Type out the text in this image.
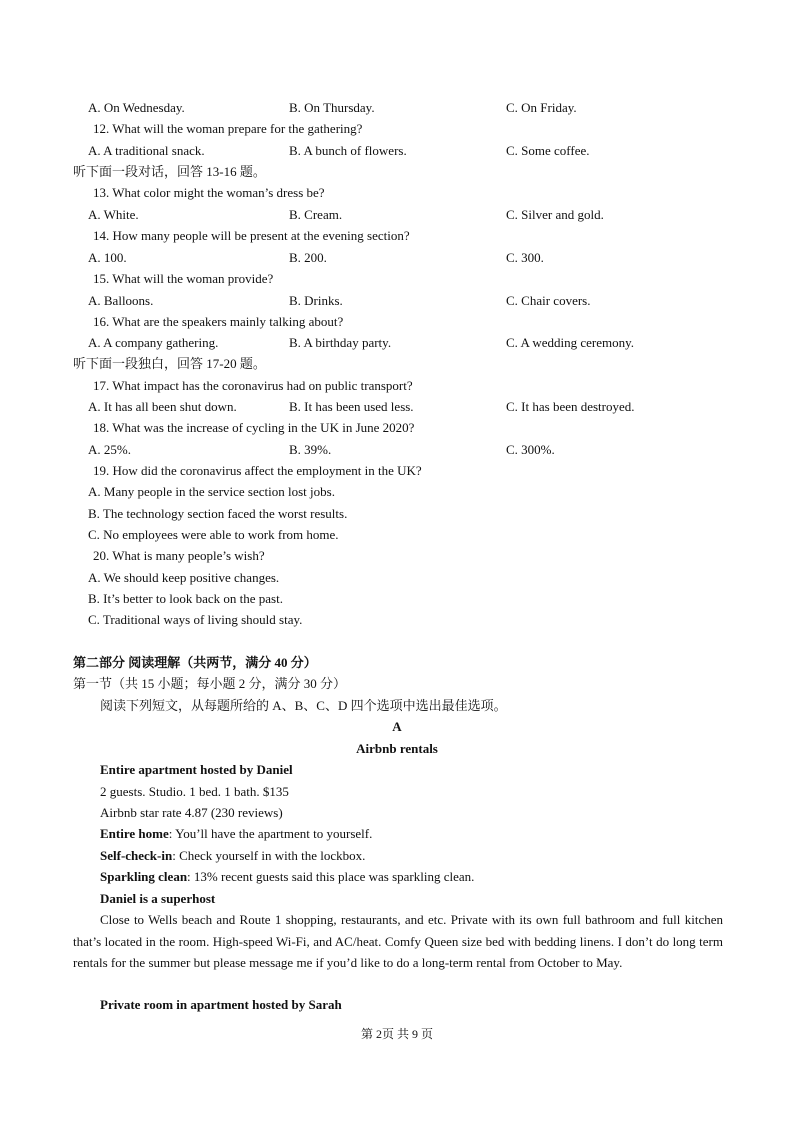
A. On Wednesday.	B. On Thursday.	C. On Friday.
12. What will the woman prepare for the gathering?
A. A traditional snack.	B. A bunch of flowers.	C. Some coffee.
听下面一段对话，回答 13-16 题。
13. What color might the woman’s dress be?
A. White.	B. Cream.	C. Silver and gold.
14. How many people will be present at the evening section?
A. 100.	B. 200.	C. 300.
15. What will the woman provide?
A. Balloons.	B. Drinks.	C. Chair covers.
16. What are the speakers mainly talking about?
A. A company gathering.	B. A birthday party.	C. A wedding ceremony.
听下面一段独白，回答 17-20 题。
17. What impact has the coronavirus had on public transport?
A. It has all been shut down.	B. It has been used less.	C. It has been destroyed.
18. What was the increase of cycling in the UK in June 2020?
A. 25%.	B. 39%.	C. 300%.
19. How did the coronavirus affect the employment in the UK?
A. Many people in the service section lost jobs.
B. The technology section faced the worst results.
C. No employees were able to work from home.
20. What is many people’s wish?
A. We should keep positive changes.
B. It’s better to look back on the past.
C. Traditional ways of living should stay.
第二部分 阅读理解（共两节，满分 40 分）
第一节（共 15 小题；每小题 2 分，满分 30 分）
阅读下列短文，从每题所给的 A、B、C、D 四个选项中选出最佳选项。
A
Airbnb rentals
Entire apartment hosted by Daniel
2 guests. Studio. 1 bed. 1 bath. $135
Airbnb star rate 4.87 (230 reviews)
Entire home: You’ll have the apartment to yourself.
Self-check-in: Check yourself in with the lockbox.
Sparkling clean: 13% recent guests said this place was sparkling clean.
Daniel is a superhost
Close to Wells beach and Route 1 shopping, restaurants, and etc. Private with its own full bathroom and full kitchen that’s located in the room. High-speed Wi-Fi, and AC/heat. Comfy Queen size bed with bedding linens. I don’t do long term rentals for the summer but please message me if you’d like to do a long-term rental from October to May.
Private room in apartment hosted by Sarah
第 2页 共 9 页
